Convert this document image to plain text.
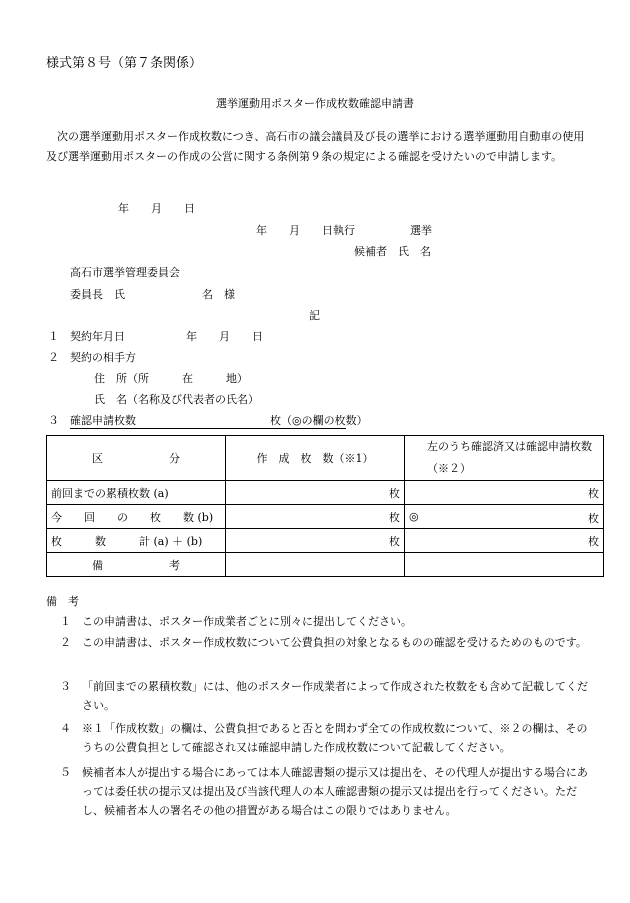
様式第８号（第７条関係）
選挙運動用ポスター作成枚数確認申請書
　次の選挙運動用ポスター作成枚数につき、高石市の議会議員及び長の選挙における選挙運動用自動車の使用及び選挙運動用ポスターの作成の公営に関する条例第９条の規定による確認を受けたいので申請します。
年　　月　　日
年　　月　　日執行　　　　　選挙
候補者　氏　名
高石市選挙管理委員会
委員長　氏　　　　　　　名　様
記
１ 契約年月日	年　　月　　日
２ 契約の相手方
住　所（所　　　在　　　地）
氏　名（名称及び代表者の氏名）
３ 確認申請枚数	枚（◎の欄の枚数）
区　　　　　　分	作　成　枚　数（※1）	左のうち確認済又は確認申請枚数（※２）
前回までの累積枚数 (a)	枚	枚
今　　回　　の　　枚　　数 (b)	枚	◎ 枚

枚　　　数　　　計 (a) ＋ (b)	枚	枚
備　　　　　　考		
備　考
１	この申請書は、ポスター作成業者ごとに別々に提出してください。
２	この申請書は、ポスター作成枚数について公費負担の対象となるものの確認を受けるためのものです。
３	「前回までの累積枚数」には、他のポスター作成業者によって作成された枚数をも含めて記載してください。
４	※１「作成枚数」の欄は、公費負担であると否とを問わず全ての作成枚数について、※２の欄は、そのうちの公費負担として確認され又は確認申請した作成枚数について記載してください。
５	候補者本人が提出する場合にあっては本人確認書類の提示又は提出を、その代理人が提出する場合にあっては委任状の提示又は提出及び当該代理人の本人確認書類の提示又は提出を行ってください。ただし、候補者本人の署名その他の措置がある場合はこの限りではありません。
